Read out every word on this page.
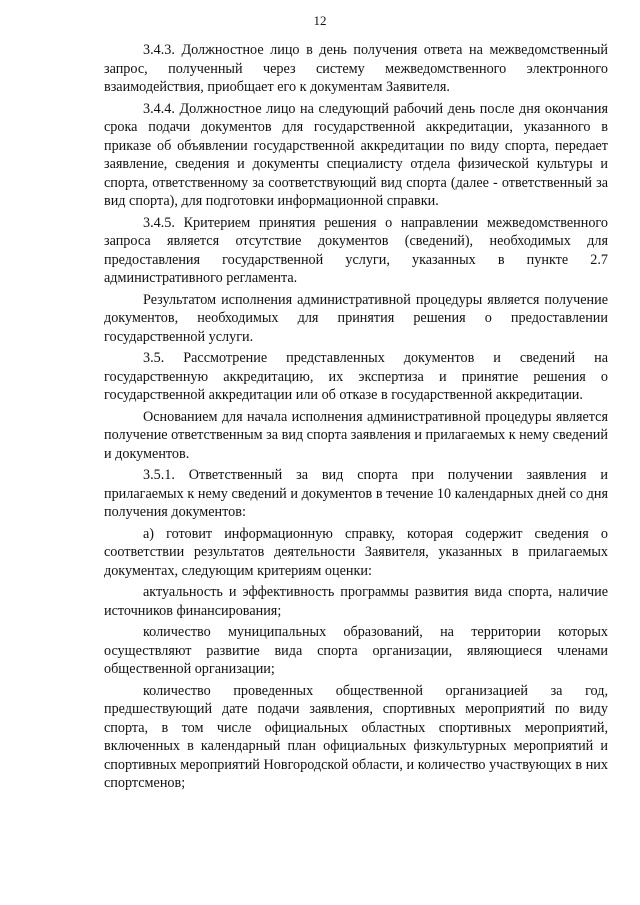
12

3.4.3. Должностное лицо в день получения ответа на межведомственный запрос, полученный через систему межведомственного электронного взаимодействия, приобщает его к документам Заявителя.

3.4.4. Должностное лицо на следующий рабочий день после дня окончания срока подачи документов для государственной аккредитации, указанного в приказе об объявлении государственной аккредитации по виду спорта, передает заявление, сведения и документы специалисту отдела физической культуры и спорта, ответственному за соответствующий вид спорта (далее - ответственный за вид спорта), для подготовки информационной справки.

3.4.5. Критерием принятия решения о направлении межведомственного запроса является отсутствие документов (сведений), необходимых для предоставления государственной услуги, указанных в пункте 2.7 административного регламента.

Результатом исполнения административной процедуры является получение документов, необходимых для принятия решения о предоставлении государственной услуги.

3.5. Рассмотрение представленных документов и сведений на государственную аккредитацию, их экспертиза и принятие решения о государственной аккредитации или об отказе в государственной аккредитации.

Основанием для начала исполнения административной процедуры является получение ответственным за вид спорта заявления и прилагаемых к нему сведений и документов.

3.5.1. Ответственный за вид спорта при получении заявления и прилагаемых к нему сведений и документов в течение 10 календарных дней со дня получения документов:

а) готовит информационную справку, которая содержит сведения о соответствии результатов деятельности Заявителя, указанных в прилагаемых документах, следующим критериям оценки:

актуальность и эффективность программы развития вида спорта, наличие источников финансирования;

количество муниципальных образований, на территории которых осуществляют развитие вида спорта организации, являющиеся членами общественной организации;

количество проведенных общественной организацией за год, предшествующий дате подачи заявления, спортивных мероприятий по виду спорта, в том числе официальных областных спортивных мероприятий, включенных в календарный план официальных физкультурных мероприятий и спортивных мероприятий Новгородской области, и количество участвующих в них спортсменов;
